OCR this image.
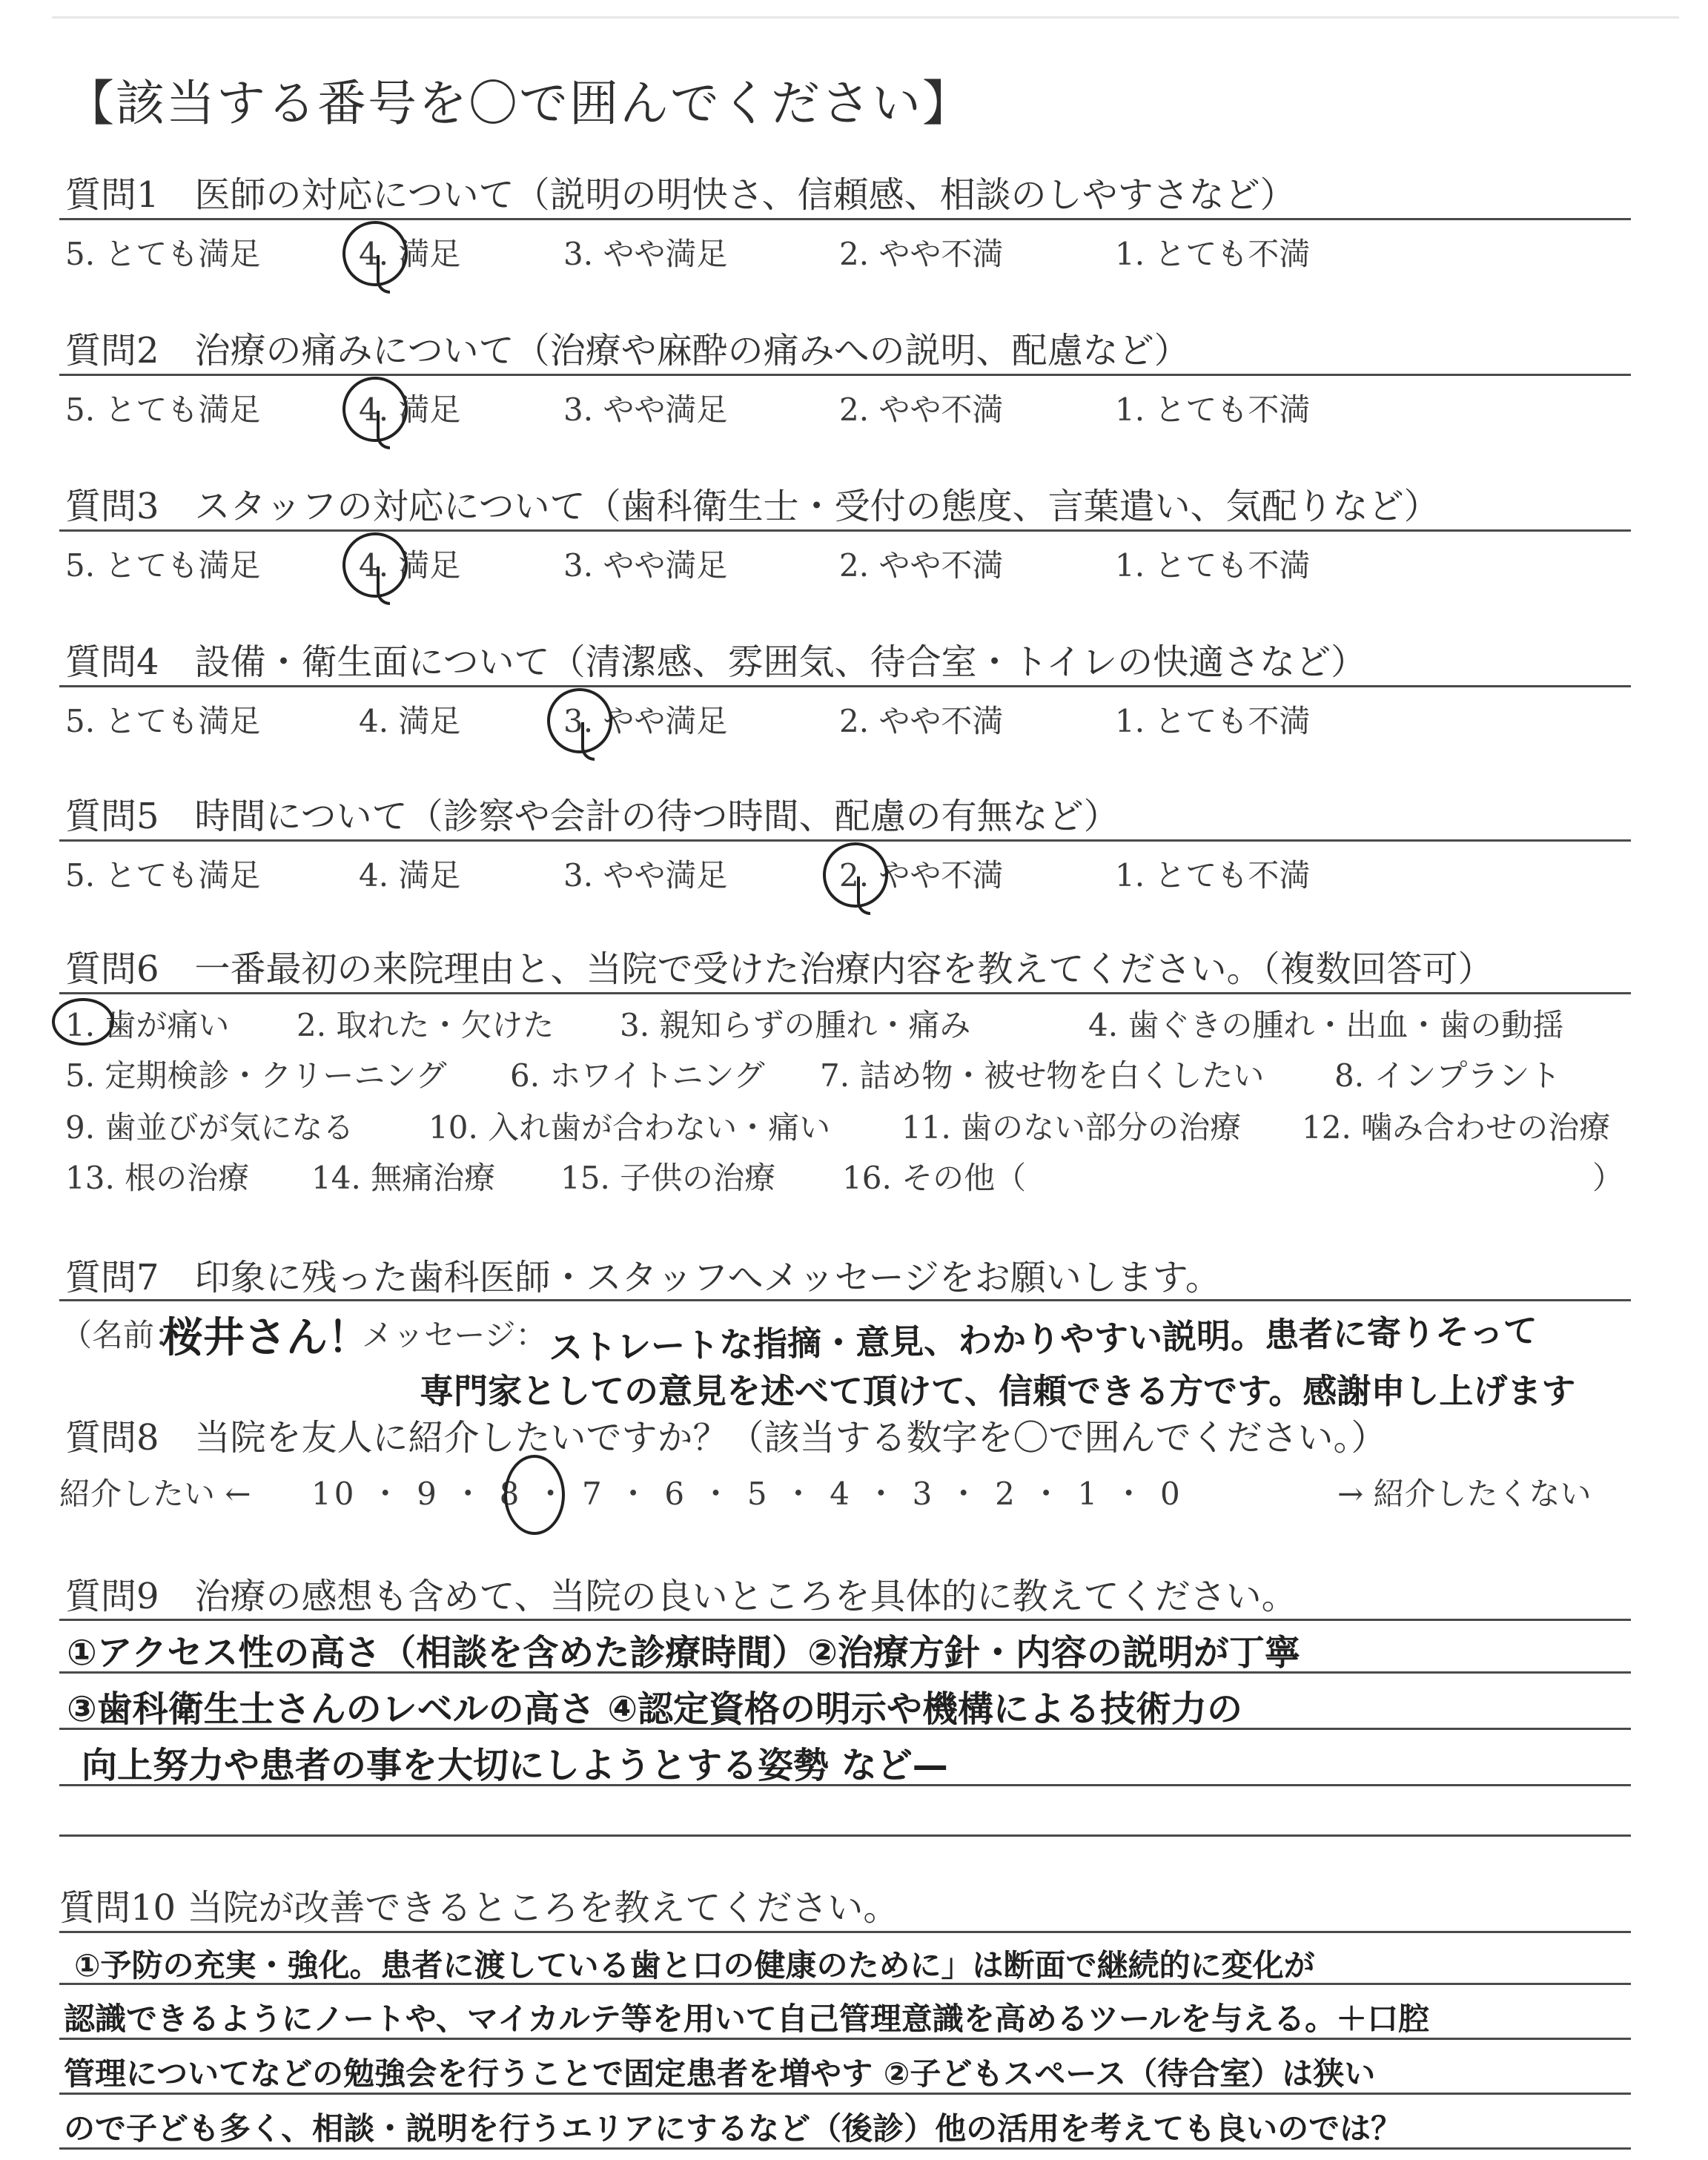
【該当する番号を〇で囲んでください】
質問1　医師の対応について（説明の明快さ、信頼感、相談のしやすさなど）
5. とても満足	4. 満足	3. やや満足	2. やや不満	1. とても不満
質問2　治療の痛みについて（治療や麻酔の痛みへの説明、配慮など）
5. とても満足	4. 満足	3. やや満足	2. やや不満	1. とても不満
質問3　スタッフの対応について（歯科衛生士・受付の態度、言葉遣い、気配りなど）
5. とても満足	4. 満足	3. やや満足	2. やや不満	1. とても不満
質問4　設備・衛生面について（清潔感、雰囲気、待合室・トイレの快適さなど）
5. とても満足	4. 満足	3. やや満足	2. やや不満	1. とても不満
質問5　時間について（診察や会計の待つ時間、配慮の有無など）
5. とても満足	4. 満足	3. やや満足	2. やや不満	1. とても不満
質問6　一番最初の来院理由と、当院で受けた治療内容を教えてください。（複数回答可）
1. 歯が痛い 2. 取れた・欠けた 3. 親知らずの腫れ・痛み	4. 歯ぐきの腫れ・出血・歯の動揺
5. 定期検診・クリーニング 6. ホワイトニング 7. 詰め物・被せ物を白くしたい 8. インプラント
9. 歯並びが気になる 10. 入れ歯が合わない・痛い 11. 歯のない部分の治療 12. 噛み合わせの治療
13. 根の治療 14. 無痛治療 15. 子供の治療 16. その他（	）
質問7　印象に残った歯科医師・スタッフへメッセージをお願いします。
（名前：
桜井さん！
メッセージ： ストレートな指摘・意見、わかりやすい説明。患者に寄りそって
専門家としての意見を述べて頂けて、信頼できる方です。感謝申し上げます
質問8　当院を友人に紹介したいですか？（該当する数字を〇で囲んでください。）
紹介したい ← 10 ・ 9 ・ 8 ・ 7 ・ 6 ・ 5 ・ 4 ・ 3 ・ 2 ・ 1 ・ 0	→ 紹介したくない
質問9　治療の感想も含めて、当院の良いところを具体的に教えてください。
①アクセス性の高さ（相談を含めた診療時間）②治療方針・内容の説明が丁寧
③歯科衛生士さんのレベルの高さ ④認定資格の明示や機構による技術力の
向上努力や患者の事を大切にしようとする姿勢 など—
質問10 当院が改善できるところを教えてください。
①予防の充実・強化。患者に渡している歯と口の健康のために」は断面で継続的に変化が
認識できるようにノートや、マイカルテ等を用いて自己管理意識を高めるツールを与える。＋口腔
管理についてなどの勉強会を行うことで固定患者を増やす ②子どもスペース（待合室）は狭い
ので子ども多く、相談・説明を行うエリアにするなど（後診）他の活用を考えても良いのでは？
